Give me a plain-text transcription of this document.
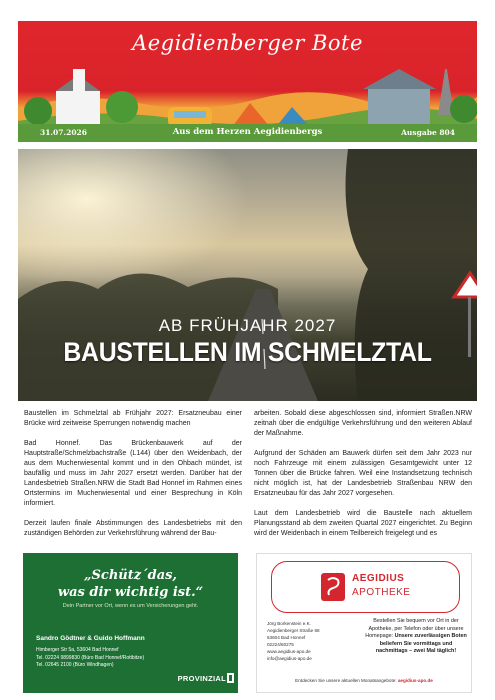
Aegidienberger Bote
31.07.2026	Aus dem Herzen Aegidienbergs	Ausgabe 804
AB FRÜHJAHR 2027
BAUSTELLEN IM SCHMELZTAL

Baustellen im Schmelztal ab Frühjahr 2027: Ersatzneubau einer Brücke wird zeitweise Sperrungen notwendig machen

Bad Honnef. Das Brückenbauwerk auf der Hauptstraße/Schmelzbachstraße (L144) über den Weidenbach, der aus dem Mucherwiesental kommt und in den Ohbach mündet, ist baufällig und muss im Jahr 2027 ersetzt werden. Darüber hat der Landesbetrieb Straßen.NRW die Stadt Bad Honnef im Rahmen eines Ortstermins im Mucherwiesental und einer Besprechung in Köln informiert.

Derzeit laufen finale Abstimmungen des Landesbetriebs mit den zuständigen Behörden zur Verkehrsführung während der Bau-

arbeiten. Sobald diese abgeschlossen sind, informiert Straßen.NRW zeitnah über die endgültige Verkehrsführung und den weiteren Ablauf der Maßnahme.

Aufgrund der Schäden am Bauwerk dürfen seit dem Jahr 2023 nur noch Fahrzeuge mit einem zulässigen Gesamtgewicht unter 12 Tonnen über die Brücke fahren. Weil eine Instandsetzung technisch nicht möglich ist, hat der Landesbetrieb Straßenbau NRW den Ersatzneubau für das Jahr 2027 vorgesehen.

Laut dem Landesbetrieb wird die Baustelle nach aktuellem Planungsstand ab dem zweiten Quartal 2027 eingerichtet. Zu Beginn wird der Weidenbach in einem Teilbereich freigelegt und es

„Schütz´das,
was dir wichtig ist.“
Dein Partner vor Ort, wenn es um Versicherungen geht.
Sandro Gödtner & Guido Hoffmann
Himberger Str 5a, 53604 Bad Honnef
Tel. 02224 9899830 (Büro Bad Honnef/Rottbitze)
Tel. 02645 2100 (Büro Windhagen)
PROVINZIAL
AEGIDIUS
APOTHEKE
Jörg Borkenstein e.K.
Aegidienberger Straße 68
53604 Bad Honnef
02224/80275
www.aegidius-apo.de
info@aegidius-apo.de
Bestellen Sie bequem vor Ort in der Apotheke, per Telefon oder über unsere Homepage: Unsere zuverlässigen Boten beliefern Sie vormittags und nachmittags – zwei Mal täglich!
Entdecken Sie unsere aktuellen Monatsangebote: aegidius-apo.de
